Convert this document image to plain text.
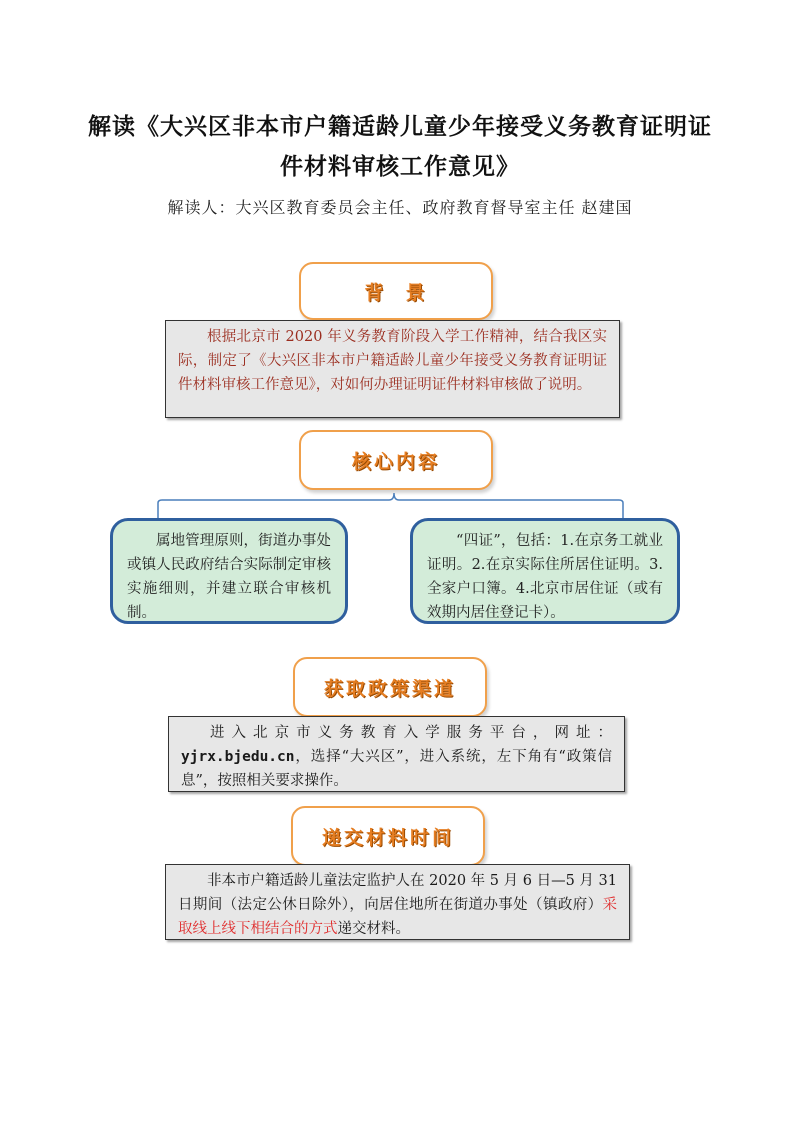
解读《大兴区非本市户籍适龄儿童少年接受义务教育证明证
件材料审核工作意见》
解读人：大兴区教育委员会主任、政府教育督导室主任 赵建国
背  景
根据北京市 2020 年义务教育阶段入学工作精神，结合我区实际，制定了《大兴区非本市户籍适龄儿童少年接受义务教育证明证件材料审核工作意见》，对如何办理证明证件材料审核做了说明。
核心内容
属地管理原则，街道办事处或镇人民政府结合实际制定审核实施细则，并建立联合审核机制。
“四证”，包括：1.在京务工就业证明。2.在京实际住所居住证明。3.全家户口簿。4.北京市居住证（或有效期内居住登记卡）。
获取政策渠道
进入北京市义务教育入学服务平台，网址：yjrx.bjedu.cn，选择“大兴区”，进入系统，左下角有“政策信息”，按照相关要求操作。
递交材料时间
非本市户籍适龄儿童法定监护人在 2020 年 5 月 6 日—5 月 31 日期间（法定公休日除外），向居住地所在街道办事处（镇政府）采取线上线下相结合的方式递交材料。
